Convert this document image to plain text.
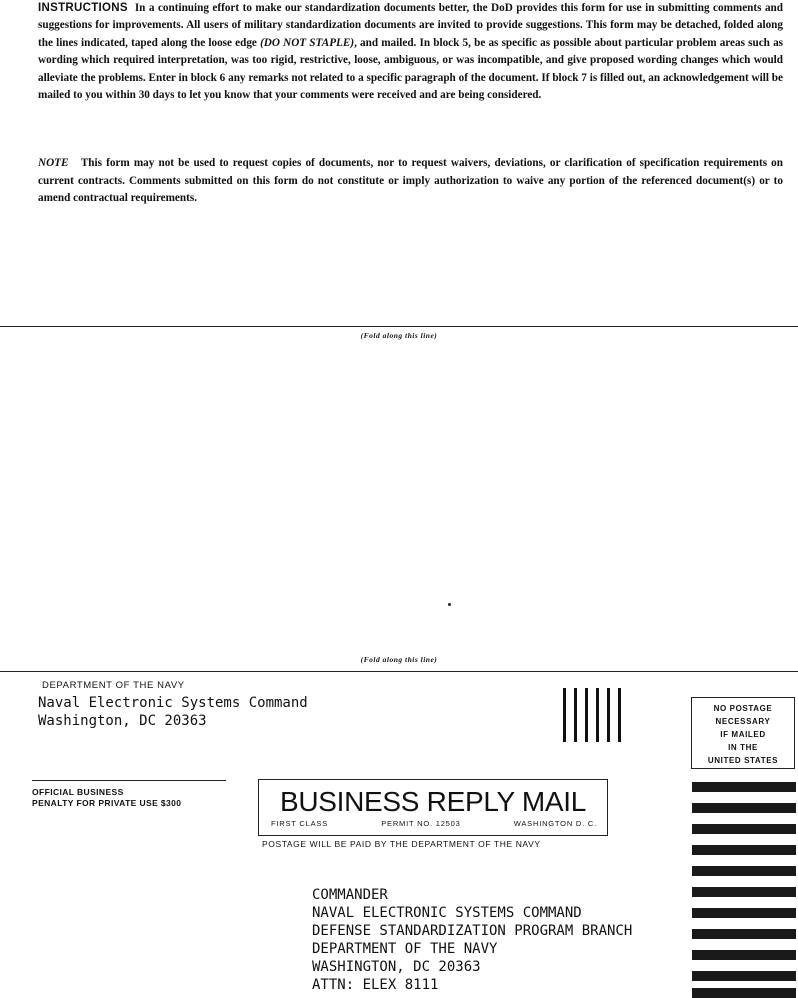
INSTRUCTIONS In a continuing effort to make our standardization documents better, the DoD provides this form for use in submitting comments and suggestions for improvements. All users of military standardization documents are invited to provide suggestions. This form may be detached, folded along the lines indicated, taped along the loose edge (DO NOT STAPLE), and mailed. In block 5, be as specific as possible about particular problem areas such as wording which required interpretation, was too rigid, restrictive, loose, ambiguous, or was incompatible, and give proposed wording changes which would alleviate the problems. Enter in block 6 any remarks not related to a specific paragraph of the document. If block 7 is filled out, an acknowledgement will be mailed to you within 30 days to let you know that your comments were received and are being considered.
NOTE This form may not be used to request copies of documents, nor to request waivers, deviations, or clarification of specification requirements on current contracts. Comments submitted on this form do not constitute or imply authorization to waive any portion of the referenced document(s) or to amend contractual requirements.
(Fold along this line)
(Fold along this line)
DEPARTMENT OF THE NAVY
Naval Electronic Systems Command
Washington, DC 20363
NO POSTAGE
NECESSARY
IF MAILED
IN THE
UNITED STATES
OFFICIAL BUSINESS
PENALTY FOR PRIVATE USE $300	BUSINESS REPLY MAIL
FIRST CLASS	PERMIT NO. 12503	WASHINGTON D. C.
POSTAGE WILL BE PAID BY THE DEPARTMENT OF THE NAVY
COMMANDER
NAVAL ELECTRONIC SYSTEMS COMMAND
DEFENSE STANDARDIZATION PROGRAM BRANCH
DEPARTMENT OF THE NAVY
WASHINGTON, DC 20363
ATTN: ELEX 8111
